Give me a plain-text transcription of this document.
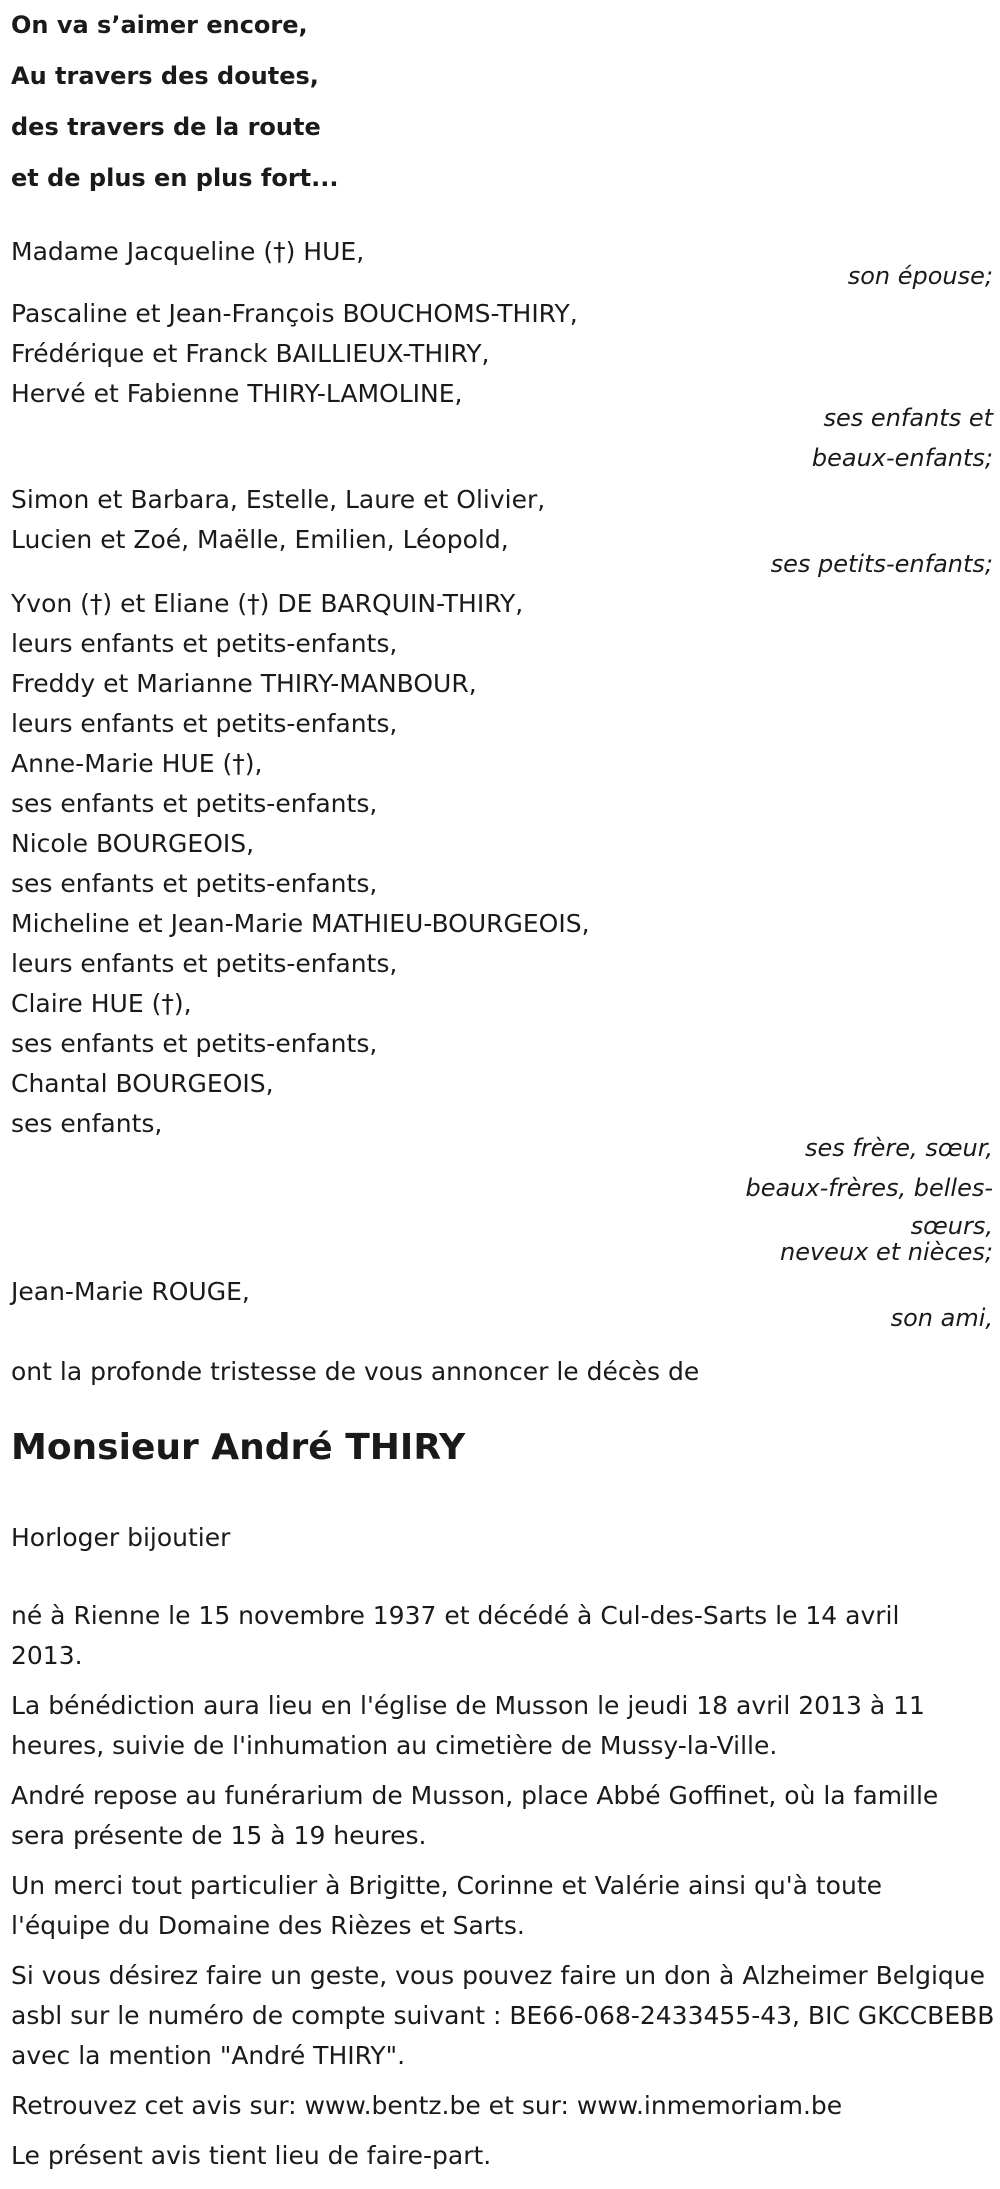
On va s’aimer encore,

Au travers des doutes,

des travers de la route

et de plus en plus fort...

Madame Jacqueline (†) HUE,

son épouse;

Pascaline et Jean-François BOUCHOMS-THIRY,

Frédérique et Franck BAILLIEUX-THIRY,

Hervé et Fabienne THIRY-LAMOLINE,

ses enfants et

beaux-enfants;

Simon et Barbara, Estelle, Laure et Olivier,

Lucien et Zoé, Maëlle, Emilien, Léopold,

ses petits-enfants;

Yvon (†) et Eliane (†) DE BARQUIN-THIRY,

leurs enfants et petits-enfants,

Freddy et Marianne THIRY-MANBOUR,

leurs enfants et petits-enfants,

Anne-Marie HUE (†),

ses enfants et petits-enfants,

Nicole BOURGEOIS,

ses enfants et petits-enfants,

Micheline et Jean-Marie MATHIEU-BOURGEOIS,

leurs enfants et petits-enfants,

Claire HUE (†),

ses enfants et petits-enfants,

Chantal BOURGEOIS,

ses enfants,

ses frère, sœur,

beaux-frères, belles-

sœurs,

neveux et nièces;

Jean-Marie ROUGE,

son ami,

ont la profonde tristesse de vous annoncer le décès de

Monsieur André THIRY

Horloger bijoutier

né à Rienne le 15 novembre 1937 et décédé à Cul-des-Sarts le 14 avril 2013.

La bénédiction aura lieu en l'église de Musson le jeudi 18 avril 2013 à 11 heures, suivie de l'inhumation au cimetière de Mussy-la-Ville.

André repose au funérarium de Musson, place Abbé Goffinet, où la famille sera présente de 15 à 19 heures.

Un merci tout particulier à Brigitte, Corinne et Valérie ainsi qu'à toute l'équipe du Domaine des Rièzes et Sarts.

Si vous désirez faire un geste, vous pouvez faire un don à Alzheimer Belgique asbl sur le numéro de compte suivant : BE66-068-2433455-43, BIC GKCCBEBB avec la mention "André THIRY".

Retrouvez cet avis sur: www.bentz.be et sur: www.inmemoriam.be

Le présent avis tient lieu de faire-part.
